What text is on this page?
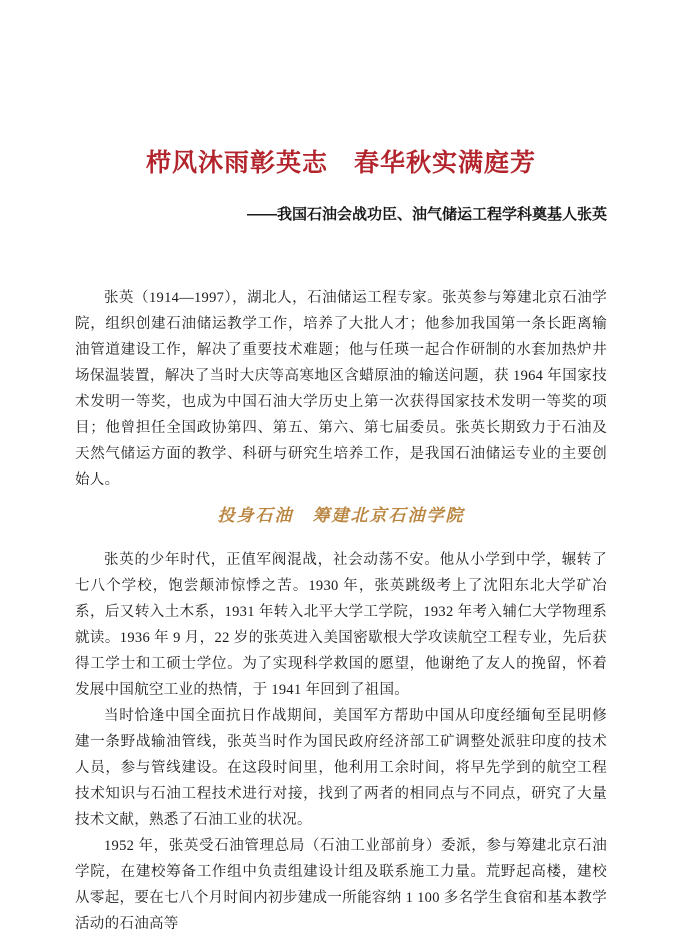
栉风沐雨彰英志　春华秋实满庭芳

——我国石油会战功臣、油气储运工程学科奠基人张英

张英（1914—1997），湖北人，石油储运工程专家。张英参与筹建北京石油学院，组织创建石油储运教学工作，培养了大批人才；他参加我国第一条长距离输油管道建设工作，解决了重要技术难题；他与任瑛一起合作研制的水套加热炉井场保温装置，解决了当时大庆等高寒地区含蜡原油的输送问题，获 1964 年国家技术发明一等奖，也成为中国石油大学历史上第一次获得国家技术发明一等奖的项目；他曾担任全国政协第四、第五、第六、第七届委员。张英长期致力于石油及天然气储运方面的教学、科研与研究生培养工作，是我国石油储运专业的主要创始人。

投身石油　筹建北京石油学院

张英的少年时代，正值军阀混战，社会动荡不安。他从小学到中学，辗转了七八个学校，饱尝颠沛惊悸之苦。1930 年，张英跳级考上了沈阳东北大学矿冶系，后又转入土木系，1931 年转入北平大学工学院，1932 年考入辅仁大学物理系就读。1936 年 9 月，22 岁的张英进入美国密歇根大学攻读航空工程专业，先后获得工学士和工硕士学位。为了实现科学救国的愿望，他谢绝了友人的挽留，怀着发展中国航空工业的热情，于 1941 年回到了祖国。

当时恰逢中国全面抗日作战期间，美国军方帮助中国从印度经缅甸至昆明修建一条野战输油管线，张英当时作为国民政府经济部工矿调整处派驻印度的技术人员，参与管线建设。在这段时间里，他利用工余时间，将早先学到的航空工程技术知识与石油工程技术进行对接，找到了两者的相同点与不同点，研究了大量技术文献，熟悉了石油工业的状况。

1952 年，张英受石油管理总局（石油工业部前身）委派，参与筹建北京石油学院，在建校筹备工作组中负责组建设计组及联系施工力量。荒野起高楼，建校从零起，要在七八个月时间内初步建成一所能容纳 1 100 多名学生食宿和基本教学活动的石油高等
